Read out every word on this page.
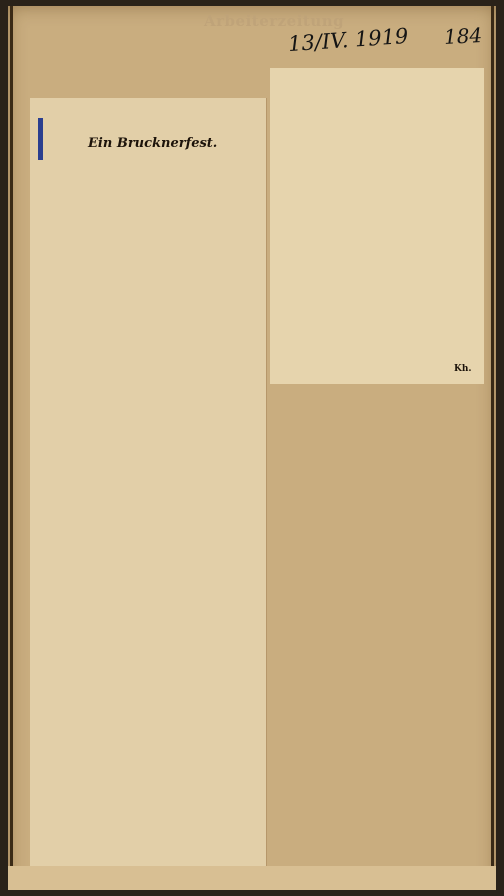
Arbeiterzeitung
13/IV. 1919 184
Ein Brucknerfest.
Kh.
